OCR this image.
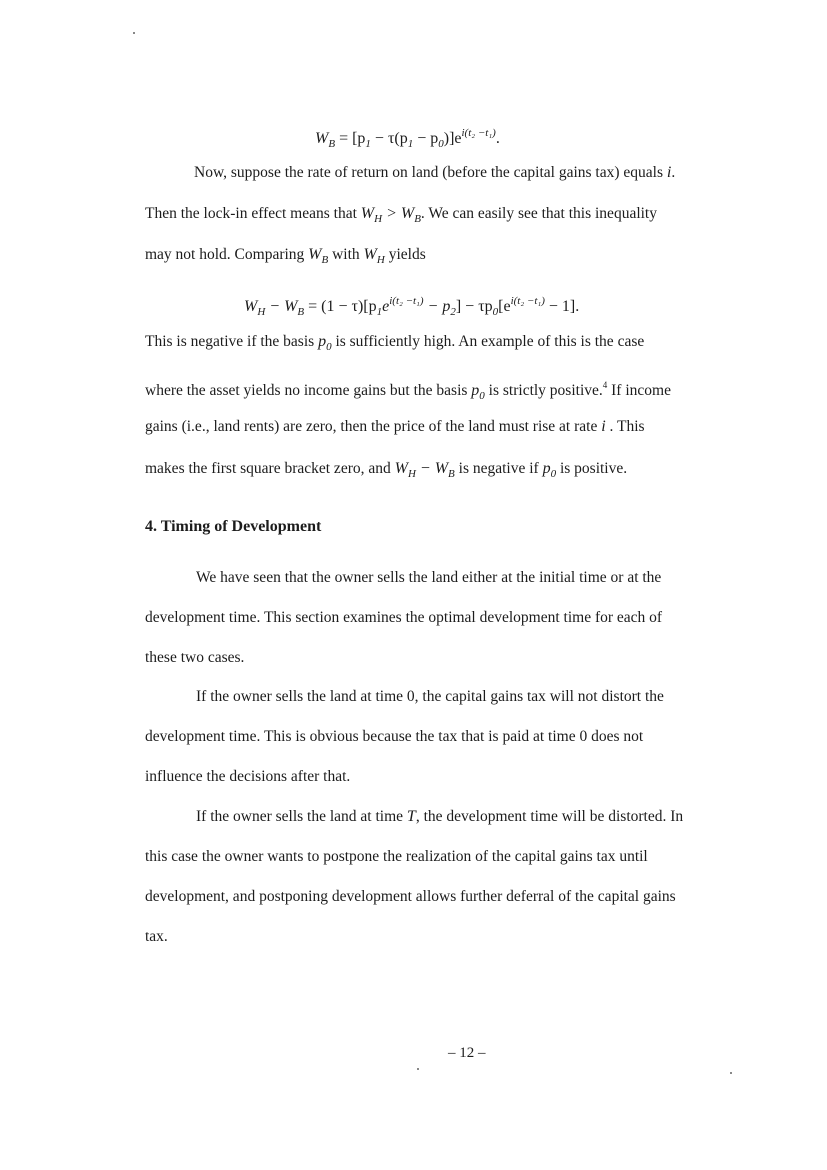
$W_B = [p_1 - \tau(p_1 - p_0)]e^{i(t_2 -t_1)}$.
Now, suppose the rate of return on land (before the capital gains tax) equals i.
Then the lock-in effect means that $W_H > W_B$. We can easily see that this inequality
may not hold. Comparing $W_B$ with $W_H$ yields
$W_H - W_B = (1 - \tau)[p_1e^{i(t_2 -t_1)} - p_2] - \tau p_0[e^{i(t_2 -t_1)} - 1]$.
This is negative if the basis $p_0$ is sufficiently high. An example of this is the case
where the asset yields no income gains but the basis $p_0$ is strictly positive.$^4$ If income
gains (i.e., land rents) are zero, then the price of the land must rise at rate i . This
makes the first square bracket zero, and $W_H - W_B$ is negative if $p_0$ is positive.
4. Timing of Development
We have seen that the owner sells the land either at the initial time or at the
development time. This section examines the optimal development time for each of
these two cases.
If the owner sells the land at time 0, the capital gains tax will not distort the
development time. This is obvious because the tax that is paid at time 0 does not
influence the decisions after that.
If the owner sells the land at time T, the development time will be distorted. In
this case the owner wants to postpone the realization of the capital gains tax until
development, and postponing development allows further deferral of the capital gains
tax.
– 12 –
